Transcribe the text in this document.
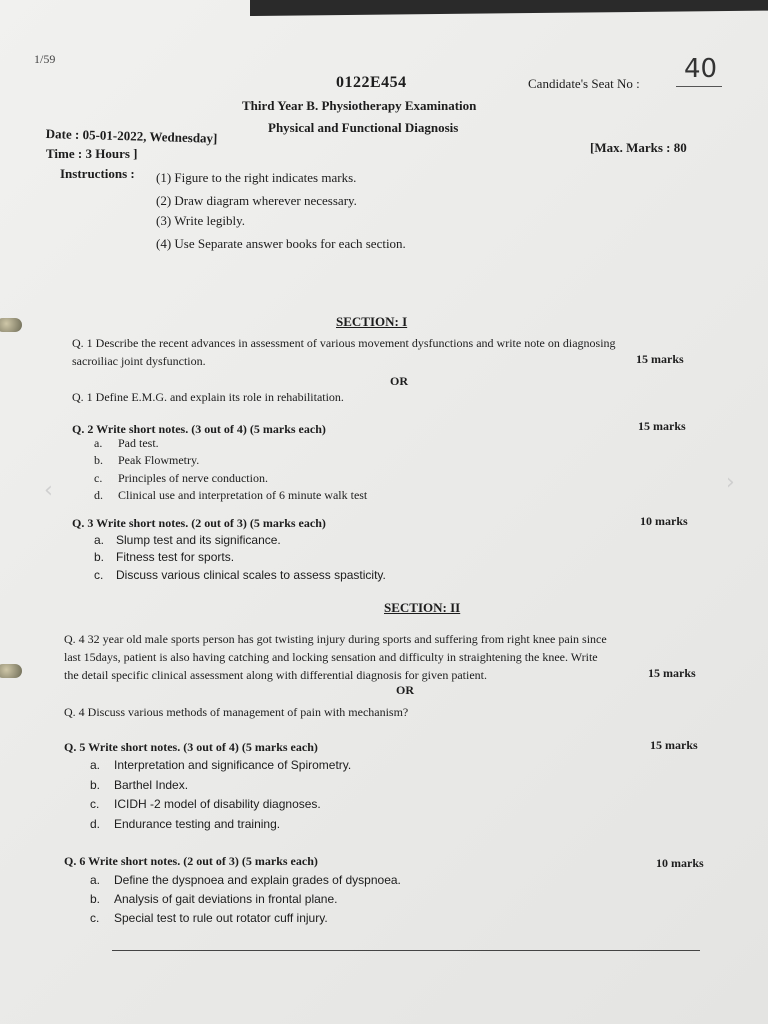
‹	›
1/59
0122E454	Candidate's Seat No : 40
Third Year B. Physiotherapy Examination
Physical and Functional Diagnosis
Date : 05-01-2022, Wednesday]
Time : 3 Hours ]	[Max. Marks : 80
Instructions : (1) Figure to the right indicates marks.
(2) Draw diagram wherever necessary.
(3) Write legibly.
(4) Use Separate answer books for each section.
SECTION: I
Q. 1 Describe the recent advances in assessment of various movement dysfunctions and write note on diagnosing
sacroiliac joint dysfunction.	15 marks
OR
Q. 1 Define E.M.G. and explain its role in rehabilitation.
Q. 2 Write short notes. (3 out of 4) (5 marks each)	15 marks
a. Pad test.
b. Peak Flowmetry.
c. Principles of nerve conduction.
d. Clinical use and interpretation of 6 minute walk test
Q. 3 Write short notes. (2 out of 3) (5 marks each)	10 marks
a. Slump test and its significance.
b. Fitness test for sports.
c. Discuss various clinical scales to assess spasticity.
SECTION: II
Q. 4 32 year old male sports person has got twisting injury during sports and suffering from right knee pain since
last 15days, patient is also having catching and locking sensation and difficulty in straightening the knee. Write
the detail specific clinical assessment along with differential diagnosis for given patient.	15 marks
OR
Q. 4 Discuss various methods of management of pain with mechanism?
Q. 5 Write short notes. (3 out of 4) (5 marks each)	15 marks
a. Interpretation and significance of Spirometry.
b. Barthel Index.
c. ICIDH -2 model of disability diagnoses.
d. Endurance testing and training.
Q. 6 Write short notes. (2 out of 3) (5 marks each)	10 marks
a. Define the dyspnoea and explain grades of dyspnoea.
b. Analysis of gait deviations in frontal plane.
c. Special test to rule out rotator cuff injury.
